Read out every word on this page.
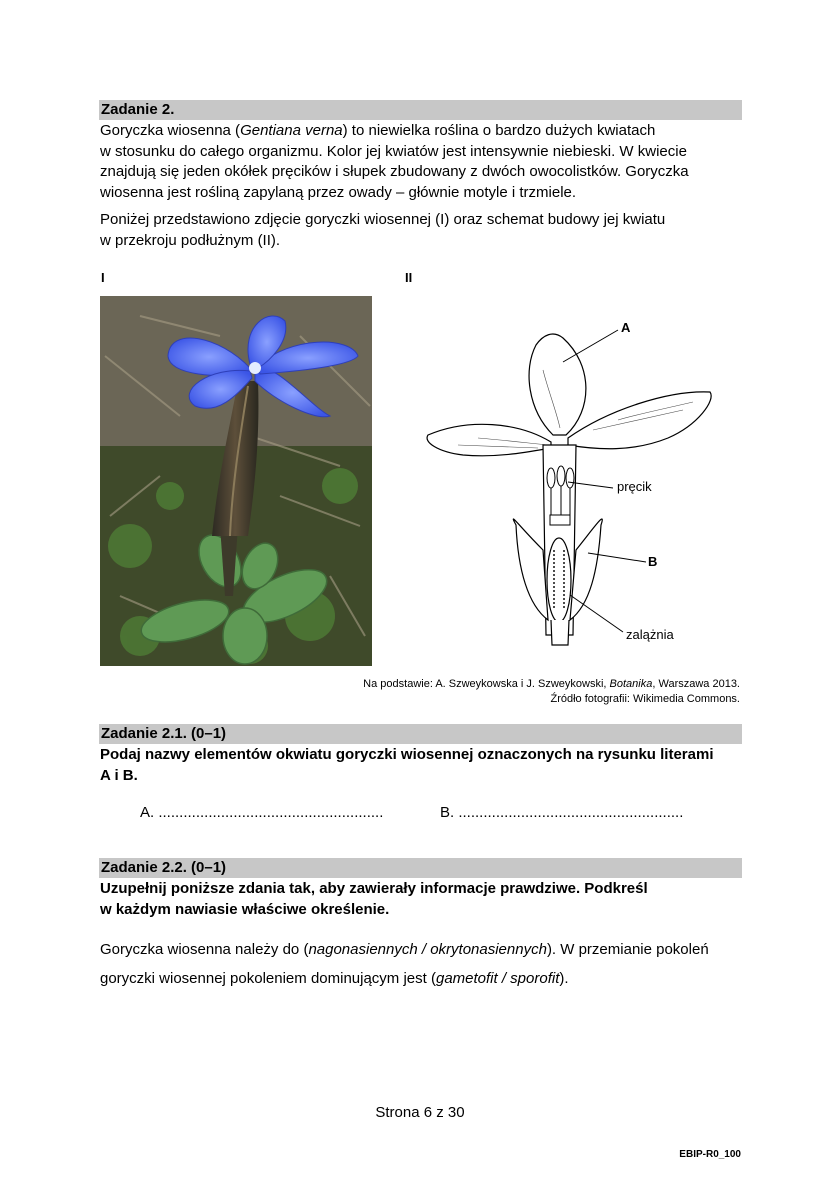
Zadanie 2.
Goryczka wiosenna (Gentiana verna) to niewielka roślina o bardzo dużych kwiatach
w stosunku do całego organizmu. Kolor jej kwiatów jest intensywnie niebieski. W kwiecie
znajdują się jeden okółek pręcików i słupek zbudowany z dwóch owocolistków. Goryczka
wiosenna jest rośliną zapylaną przez owady – głównie motyle i trzmiele.
Poniżej przedstawiono zdjęcie goryczki wiosennej (I) oraz schemat budowy jej kwiatu
w przekroju podłużnym (II).
I	II
A
pręcik
B
zalążnia
Na podstawie: A. Szweykowska i J. Szweykowski, Botanika, Warszawa 2013.
Źródło fotografii: Wikimedia Commons.
Zadanie 2.1. (0–1)
Podaj nazwy elementów okwiatu goryczki wiosennej oznaczonych na rysunku literami
A i B.
A. ......................................................	B. ......................................................
Zadanie 2.2. (0–1)
Uzupełnij poniższe zdania tak, aby zawierały informacje prawdziwe. Podkreśl
w każdym nawiasie właściwe określenie.
Goryczka wiosenna należy do (nagonasiennych / okrytonasiennych). W przemianie pokoleń
goryczki wiosennej pokoleniem dominującym jest (gametofit / sporofit).
Strona 6 z 30
EBIP-R0_100
